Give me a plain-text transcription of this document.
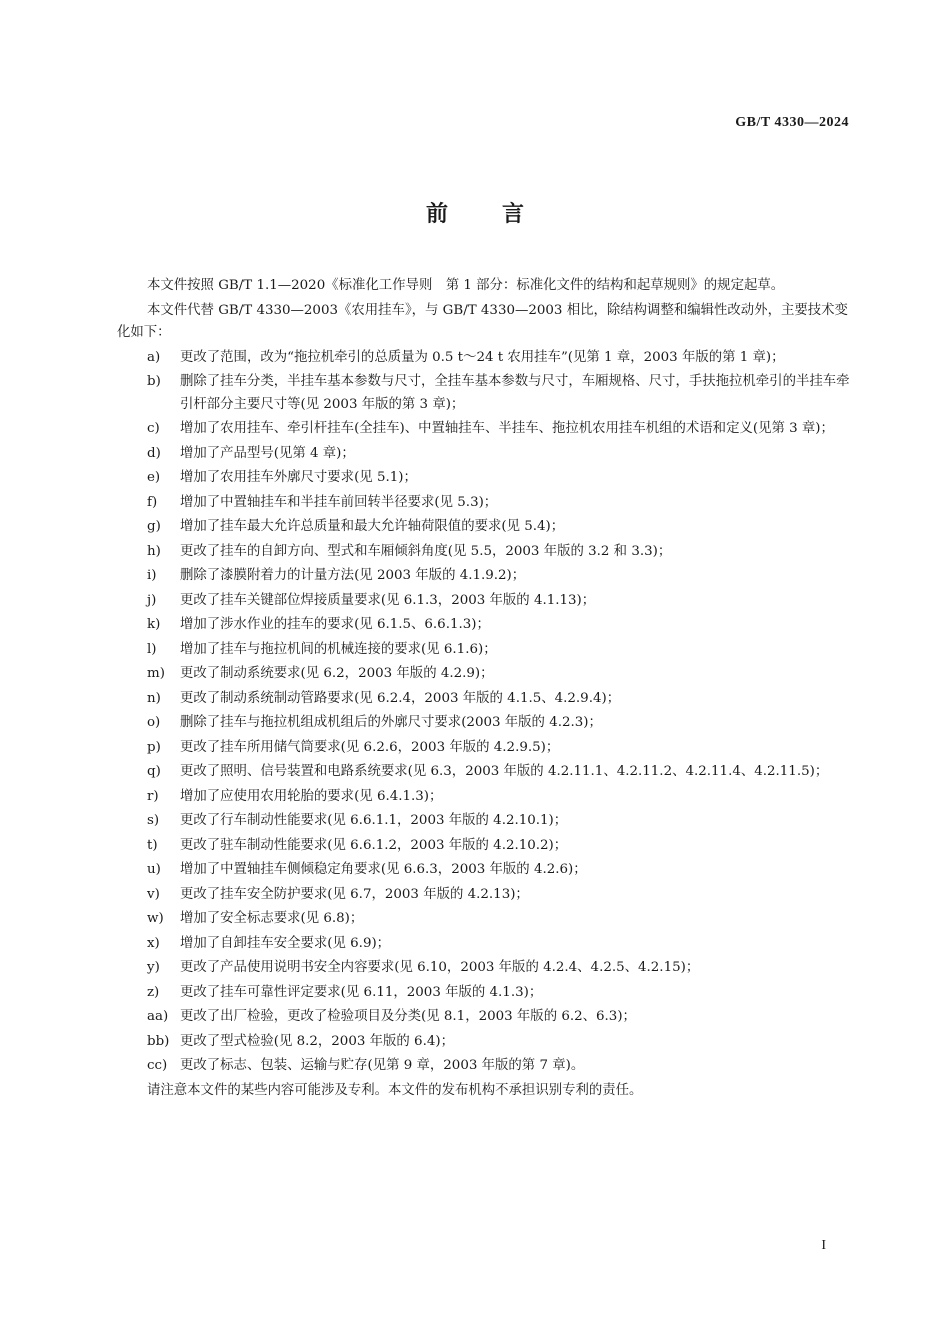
GB/T 4330—2024
前言

本文件按照 GB/T 1.1—2020《标准化工作导则　第 1 部分：标准化文件的结构和起草规则》的规定起草。

本文件代替 GB/T 4330—2003《农用挂车》，与 GB/T 4330—2003 相比，除结构调整和编辑性改动外，主要技术变化如下：

a) 更改了范围，改为“拖拉机牵引的总质量为 0.5 t～24 t 农用挂车”(见第 1 章，2003 年版的第 1 章)；
b) 删除了挂车分类，半挂车基本参数与尺寸，全挂车基本参数与尺寸，车厢规格、尺寸，手扶拖拉机牵引的半挂车牵引杆部分主要尺寸等(见 2003 年版的第 3 章)；
c) 增加了农用挂车、牵引杆挂车(全挂车)、中置轴挂车、半挂车、拖拉机农用挂车机组的术语和定义(见第 3 章)；
d) 增加了产品型号(见第 4 章)；
e) 增加了农用挂车外廓尺寸要求(见 5.1)；
f) 增加了中置轴挂车和半挂车前回转半径要求(见 5.3)；
g) 增加了挂车最大允许总质量和最大允许轴荷限值的要求(见 5.4)；
h) 更改了挂车的自卸方向、型式和车厢倾斜角度(见 5.5，2003 年版的 3.2 和 3.3)；
i) 删除了漆膜附着力的计量方法(见 2003 年版的 4.1.9.2)；
j) 更改了挂车关键部位焊接质量要求(见 6.1.3，2003 年版的 4.1.13)；
k) 增加了涉水作业的挂车的要求(见 6.1.5、6.6.1.3)；
l) 增加了挂车与拖拉机间的机械连接的要求(见 6.1.6)；
m) 更改了制动系统要求(见 6.2，2003 年版的 4.2.9)；
n) 更改了制动系统制动管路要求(见 6.2.4，2003 年版的 4.1.5、4.2.9.4)；
o) 删除了挂车与拖拉机组成机组后的外廓尺寸要求(2003 年版的 4.2.3)；
p) 更改了挂车所用储气筒要求(见 6.2.6，2003 年版的 4.2.9.5)；
q) 更改了照明、信号装置和电路系统要求(见 6.3，2003 年版的 4.2.11.1、4.2.11.2、4.2.11.4、4.2.11.5)；
r) 增加了应使用农用轮胎的要求(见 6.4.1.3)；
s) 更改了行车制动性能要求(见 6.6.1.1，2003 年版的 4.2.10.1)；
t) 更改了驻车制动性能要求(见 6.6.1.2，2003 年版的 4.2.10.2)；
u) 增加了中置轴挂车侧倾稳定角要求(见 6.6.3，2003 年版的 4.2.6)；
v) 更改了挂车安全防护要求(见 6.7，2003 年版的 4.2.13)；
w) 增加了安全标志要求(见 6.8)；
x) 增加了自卸挂车安全要求(见 6.9)；
y) 更改了产品使用说明书安全内容要求(见 6.10，2003 年版的 4.2.4、4.2.5、4.2.15)；
z) 更改了挂车可靠性评定要求(见 6.11，2003 年版的 4.1.3)；
aa) 更改了出厂检验，更改了检验项目及分类(见 8.1，2003 年版的 6.2、6.3)；
bb) 更改了型式检验(见 8.2，2003 年版的 6.4)；
cc) 更改了标志、包装、运输与贮存(见第 9 章，2003 年版的第 7 章)。

请注意本文件的某些内容可能涉及专利。本文件的发布机构不承担识别专利的责任。

I
